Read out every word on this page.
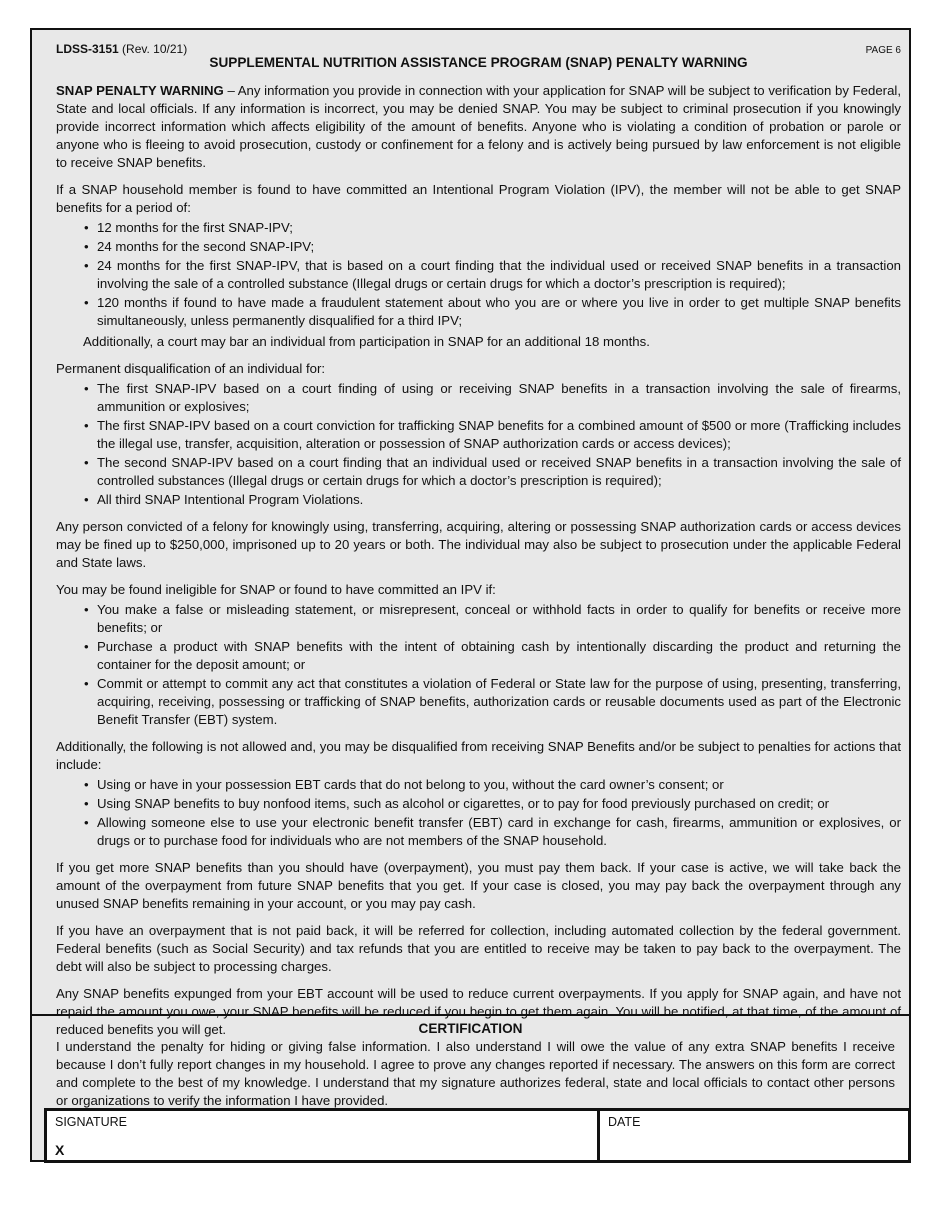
LDSS-3151 (Rev. 10/21)	PAGE 6
SUPPLEMENTAL NUTRITION ASSISTANCE PROGRAM (SNAP) PENALTY WARNING

SNAP PENALTY WARNING – Any information you provide in connection with your application for SNAP will be subject to verification by Federal, State and local officials. If any information is incorrect, you may be denied SNAP. You may be subject to criminal prosecution if you knowingly provide incorrect information which affects eligibility of the amount of benefits. Anyone who is violating a condition of probation or parole or anyone who is fleeing to avoid prosecution, custody or confinement for a felony and is actively being pursued by law enforcement is not eligible to receive SNAP benefits.

If a SNAP household member is found to have committed an Intentional Program Violation (IPV), the member will not be able to get SNAP benefits for a period of:

• 12 months for the first SNAP-IPV;
• 24 months for the second SNAP-IPV;
• 24 months for the first SNAP-IPV, that is based on a court finding that the individual used or received SNAP benefits in a transaction involving the sale of a controlled substance (Illegal drugs or certain drugs for which a doctor’s prescription is required);
• 120 months if found to have made a fraudulent statement about who you are or where you live in order to get multiple SNAP benefits simultaneously, unless permanently disqualified for a third IPV;

Additionally, a court may bar an individual from participation in SNAP for an additional 18 months.

Permanent disqualification of an individual for:

• The first SNAP-IPV based on a court finding of using or receiving SNAP benefits in a transaction involving the sale of firearms, ammunition or explosives;
• The first SNAP-IPV based on a court conviction for trafficking SNAP benefits for a combined amount of $500 or more (Trafficking includes the illegal use, transfer, acquisition, alteration or possession of SNAP authorization cards or access devices);
• The second SNAP-IPV based on a court finding that an individual used or received SNAP benefits in a transaction involving the sale of controlled substances (Illegal drugs or certain drugs for which a doctor’s prescription is required);
• All third SNAP Intentional Program Violations.

Any person convicted of a felony for knowingly using, transferring, acquiring, altering or possessing SNAP authorization cards or access devices may be fined up to $250,000, imprisoned up to 20 years or both. The individual may also be subject to prosecution under the applicable Federal and State laws.

You may be found ineligible for SNAP or found to have committed an IPV if:

• You make a false or misleading statement, or misrepresent, conceal or withhold facts in order to qualify for benefits or receive more benefits; or
• Purchase a product with SNAP benefits with the intent of obtaining cash by intentionally discarding the product and returning the container for the deposit amount; or
• Commit or attempt to commit any act that constitutes a violation of Federal or State law for the purpose of using, presenting, transferring, acquiring, receiving, possessing or trafficking of SNAP benefits, authorization cards or reusable documents used as part of the Electronic Benefit Transfer (EBT) system.

Additionally, the following is not allowed and, you may be disqualified from receiving SNAP Benefits and/or be subject to penalties for actions that include:

• Using or have in your possession EBT cards that do not belong to you, without the card owner’s consent; or
• Using SNAP benefits to buy nonfood items, such as alcohol or cigarettes, or to pay for food previously purchased on credit; or
• Allowing someone else to use your electronic benefit transfer (EBT) card in exchange for cash, firearms, ammunition or explosives, or drugs or to purchase food for individuals who are not members of the SNAP household.

If you get more SNAP benefits than you should have (overpayment), you must pay them back. If your case is active, we will take back the amount of the overpayment from future SNAP benefits that you get. If your case is closed, you may pay back the overpayment through any unused SNAP benefits remaining in your account, or you may pay cash.

If you have an overpayment that is not paid back, it will be referred for collection, including automated collection by the federal government. Federal benefits (such as Social Security) and tax refunds that you are entitled to receive may be taken to pay back to the overpayment. The debt will also be subject to processing charges.

Any SNAP benefits expunged from your EBT account will be used to reduce current overpayments. If you apply for SNAP again, and have not repaid the amount you owe, your SNAP benefits will be reduced if you begin to get them again. You will be notified, at that time, of the amount of reduced benefits you will get.	CERTIFICATION
I understand the penalty for hiding or giving false information. I also understand I will owe the value of any extra SNAP benefits I receive because I don’t fully report changes in my household. I agree to prove any changes reported if necessary. The answers on this form are correct and complete to the best of my knowledge. I understand that my signature authorizes federal, state and local officials to contact other persons or organizations to verify the information I have provided.
SIGNATURE
X
DATE
